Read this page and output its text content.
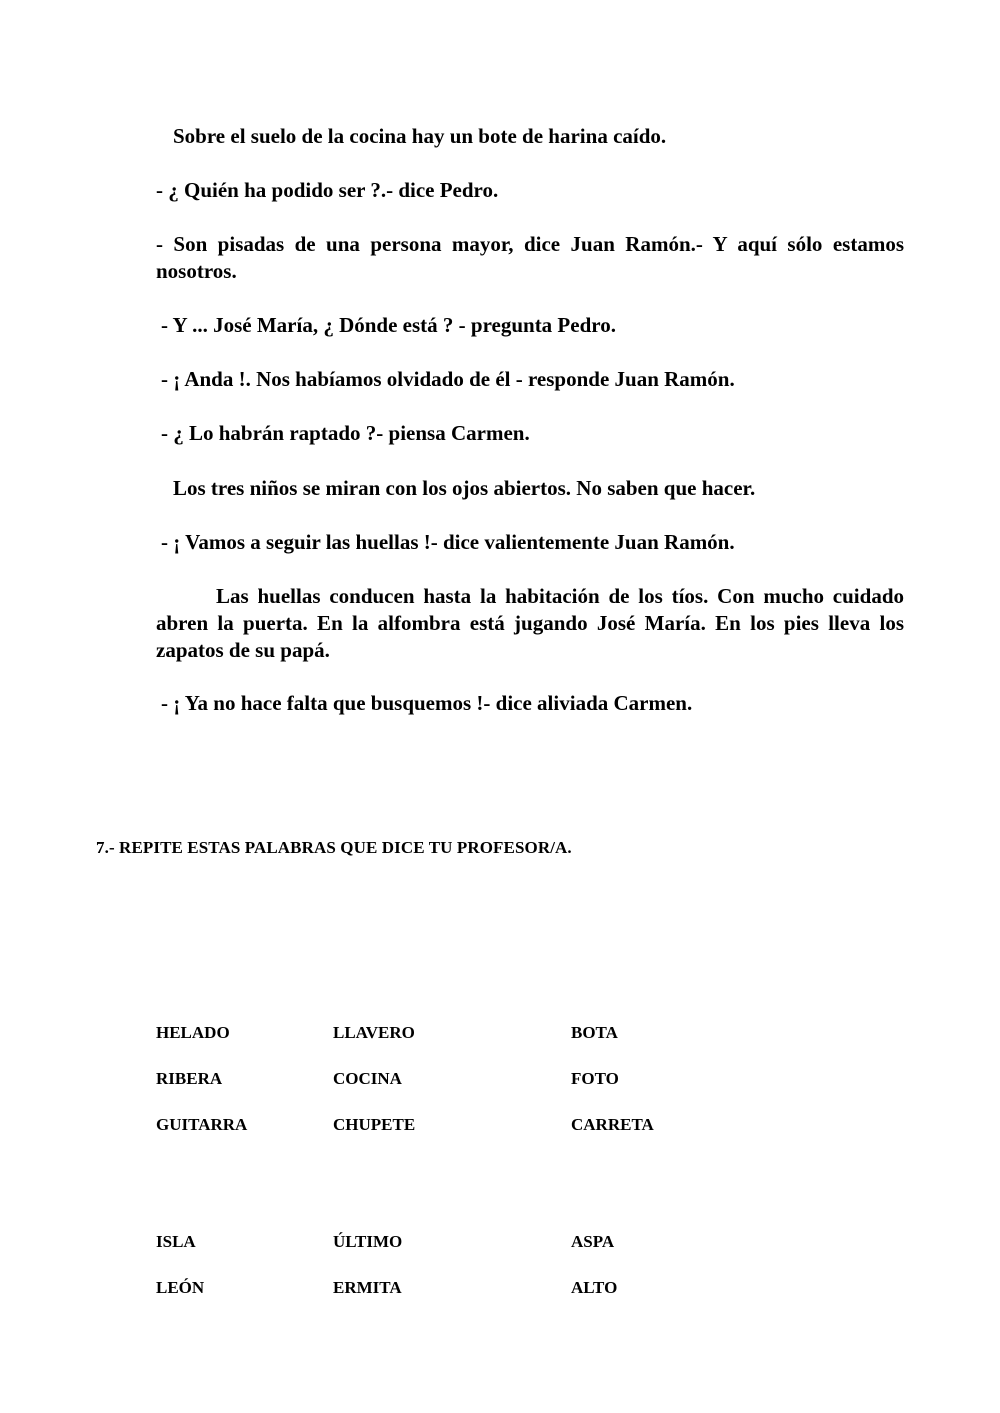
Sobre el suelo de la cocina hay un bote de harina caído.

- ¿ Quién ha podido ser ?.- dice Pedro.

- Son pisadas de una persona mayor, dice Juan Ramón.- Y aquí sólo estamos nosotros.

- Y ... José María, ¿ Dónde está ? - pregunta Pedro.

- ¡ Anda !. Nos habíamos olvidado de él - responde Juan Ramón.

- ¿ Lo habrán raptado ?- piensa Carmen.

Los tres niños se miran con los ojos abiertos. No saben que hacer.

- ¡ Vamos a seguir las huellas !- dice valientemente Juan Ramón.

Las huellas conducen hasta la habitación de los tíos. Con mucho cuidado abren la puerta. En la alfombra está jugando José María. En los pies lleva los zapatos de su papá.

- ¡ Ya no hace falta que busquemos !- dice aliviada Carmen.

7.- REPITE ESTAS PALABRAS QUE DICE TU PROFESOR/A.

HELADO	LLAVERO	BOTA
RIBERA	COCINA	FOTO
GUITARRA	CHUPETE	CARRETA
ISLA	ÚLTIMO	ASPA
LEÓN	ERMITA	ALTO
